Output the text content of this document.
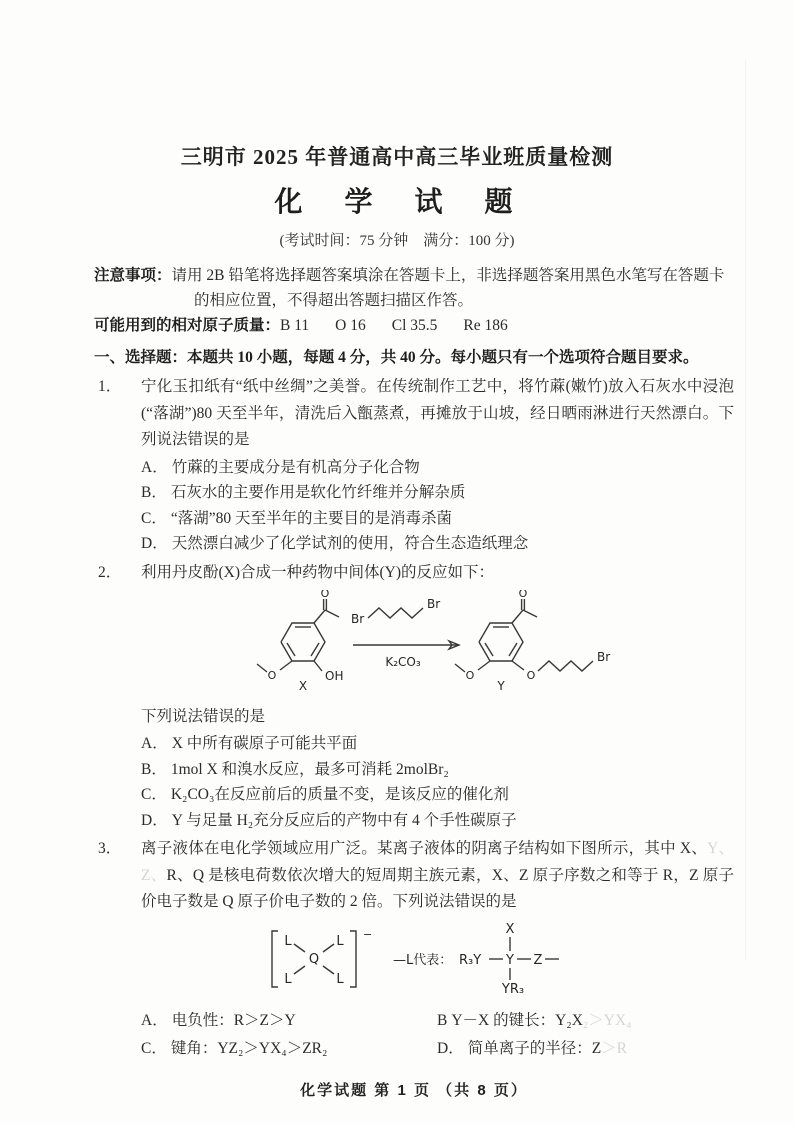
三明市 2025 年普通高中高三毕业班质量检测
化　学　试　题
(考试时间：75 分钟　满分：100 分)
注意事项：请用 2B 铅笔将选择题答案填涂在答题卡上，非选择题答案用黑色水笔写在答题卡
的相应位置，不得超出答题扫描区作答。
可能用到的相对原子质量：B 11 O 16 Cl 35.5 Re 186
一、选择题：本题共 10 小题，每题 4 分，共 40 分。每小题只有一个选项符合题目要求。
1． 宁化玉扣纸有“纸中丝绸”之美誉。在传统制作工艺中，将竹蔴(嫩竹)放入石灰水中浸泡(“落湖”)80 天至半年，清洗后入甑蒸煮，再摊放于山坡，经日晒雨淋进行天然漂白。下列说法错误的是
A． 竹蔴的主要成分是有机高分子化合物
B． 石灰水的主要作用是软化竹纤维并分解杂质
C． “落湖”80 天至半年的主要目的是消毒杀菌
D． 天然漂白减少了化学试剂的使用，符合生态造纸理念
2． 利用丹皮酚(X)合成一种药物中间体(Y)的反应如下：
O
OH
O
X
Br
Br
K₂CO₃
O
O	O
Br
Y
下列说法错误的是
A． X 中所有碳原子可能共平面
B． 1mol X 和溴水反应，最多可消耗 2molBr₂
C． K₂CO₃在反应前后的质量不变，是该反应的催化剂
D． Y 与足量 H₂充分反应后的产物中有 4 个手性碳原子
3． 离子液体在电化学领域应用广泛。某离子液体的阴离子结构如下图所示，其中 X、Y、Z、R、Q 是核电荷数依次增大的短周期主族元素，X、Z 原子序数之和等于 R，Z 原子价电子数是 Q 原子价电子数的 2 倍。下列说法错误的是
−
Q
L
L
L
L
—L代表： R₃Y Y
X
Z
YR₃
A． 电负性：R＞Z＞Y	B Y－X 的键长：Y₂X₂＞YX₄
C． 键角：YZ₂＞YX₄＞ZR₂	D． 简单离子的半径：Z＞R
化学试题 第 1 页 （共 8 页）
